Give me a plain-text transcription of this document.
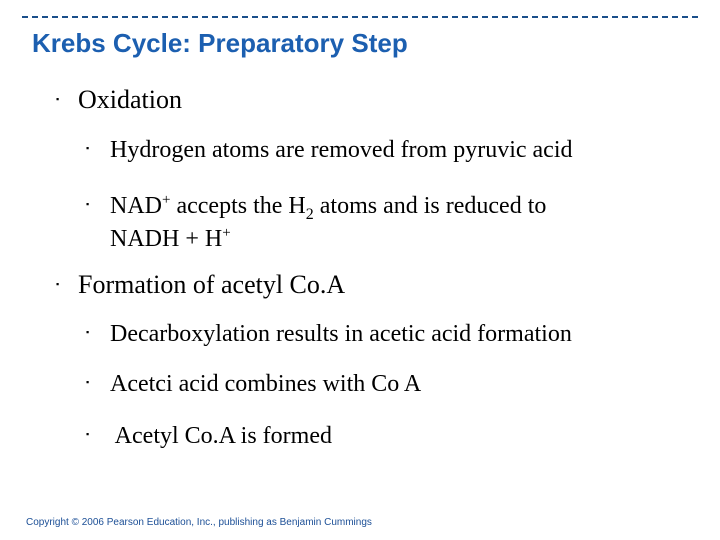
Krebs Cycle: Preparatory Step
▪ Oxidation
▪ Hydrogen atoms are removed from pyruvic acid
▪ NAD+ accepts the $H_2$ atoms and is reduced to
NADH + H+
▪ Formation of acetyl Co.A
▪ Decarboxylation results in acetic acid formation
▪ Acetci acid combines with Co A
▪ Acetyl Co.A is formed
Copyright © 2006 Pearson Education, Inc., publishing as Benjamin Cummings
